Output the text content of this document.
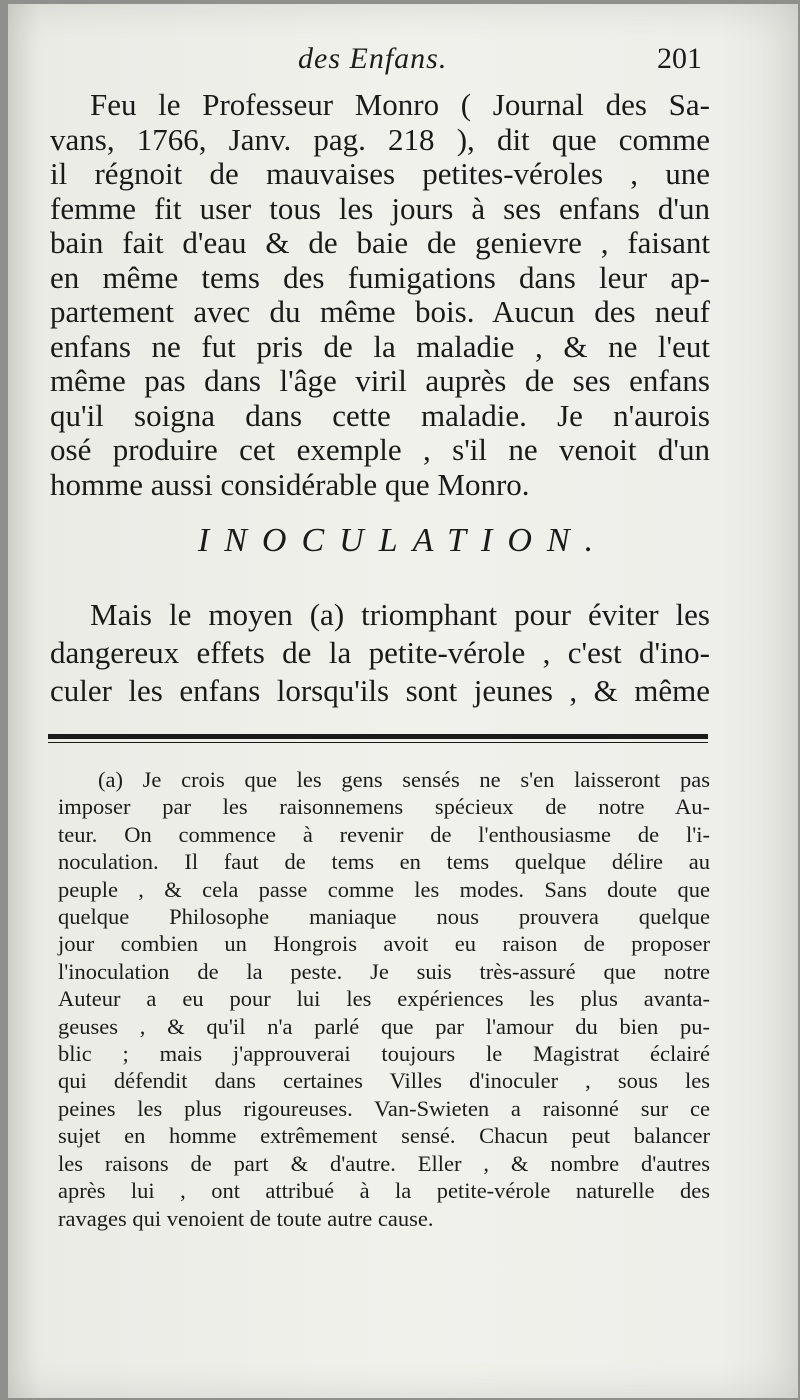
des Enfans.	201
Feu le Professeur Monro ( Journal des Sa-
vans, 1766, Janv. pag. 218 ), dit que comme
il régnoit de mauvaises petites-véroles , une
femme fit user tous les jours à ses enfans d'un
bain fait d'eau & de baie de genievre , faisant
en même tems des fumigations dans leur ap-
partement avec du même bois. Aucun des neuf
enfans ne fut pris de la maladie , & ne l'eut
même pas dans l'âge viril auprès de ses enfans
qu'il soigna dans cette maladie. Je n'aurois
osé produire cet exemple , s'il ne venoit d'un
homme aussi considérable que Monro.
INOCULATION.
Mais le moyen (a) triomphant pour éviter les
dangereux effets de la petite-vérole , c'est d'ino-
culer les enfans lorsqu'ils sont jeunes , & même
(a) Je crois que les gens sensés ne s'en laisseront pas
imposer par les raisonnemens spécieux de notre Au-
teur. On commence à revenir de l'enthousiasme de l'i-
noculation. Il faut de tems en tems quelque délire au
peuple , & cela passe comme les modes. Sans doute que
quelque Philosophe maniaque nous prouvera quelque
jour combien un Hongrois avoit eu raison de proposer
l'inoculation de la peste. Je suis très-assuré que notre
Auteur a eu pour lui les expériences les plus avanta-
geuses , & qu'il n'a parlé que par l'amour du bien pu-
blic ; mais j'approuverai toujours le Magistrat éclairé
qui défendit dans certaines Villes d'inoculer , sous les
peines les plus rigoureuses. Van-Swieten a raisonné sur ce
sujet en homme extrêmement sensé. Chacun peut balancer
les raisons de part & d'autre. Eller , & nombre d'autres
après lui , ont attribué à la petite-vérole naturelle des
ravages qui venoient de toute autre cause.
